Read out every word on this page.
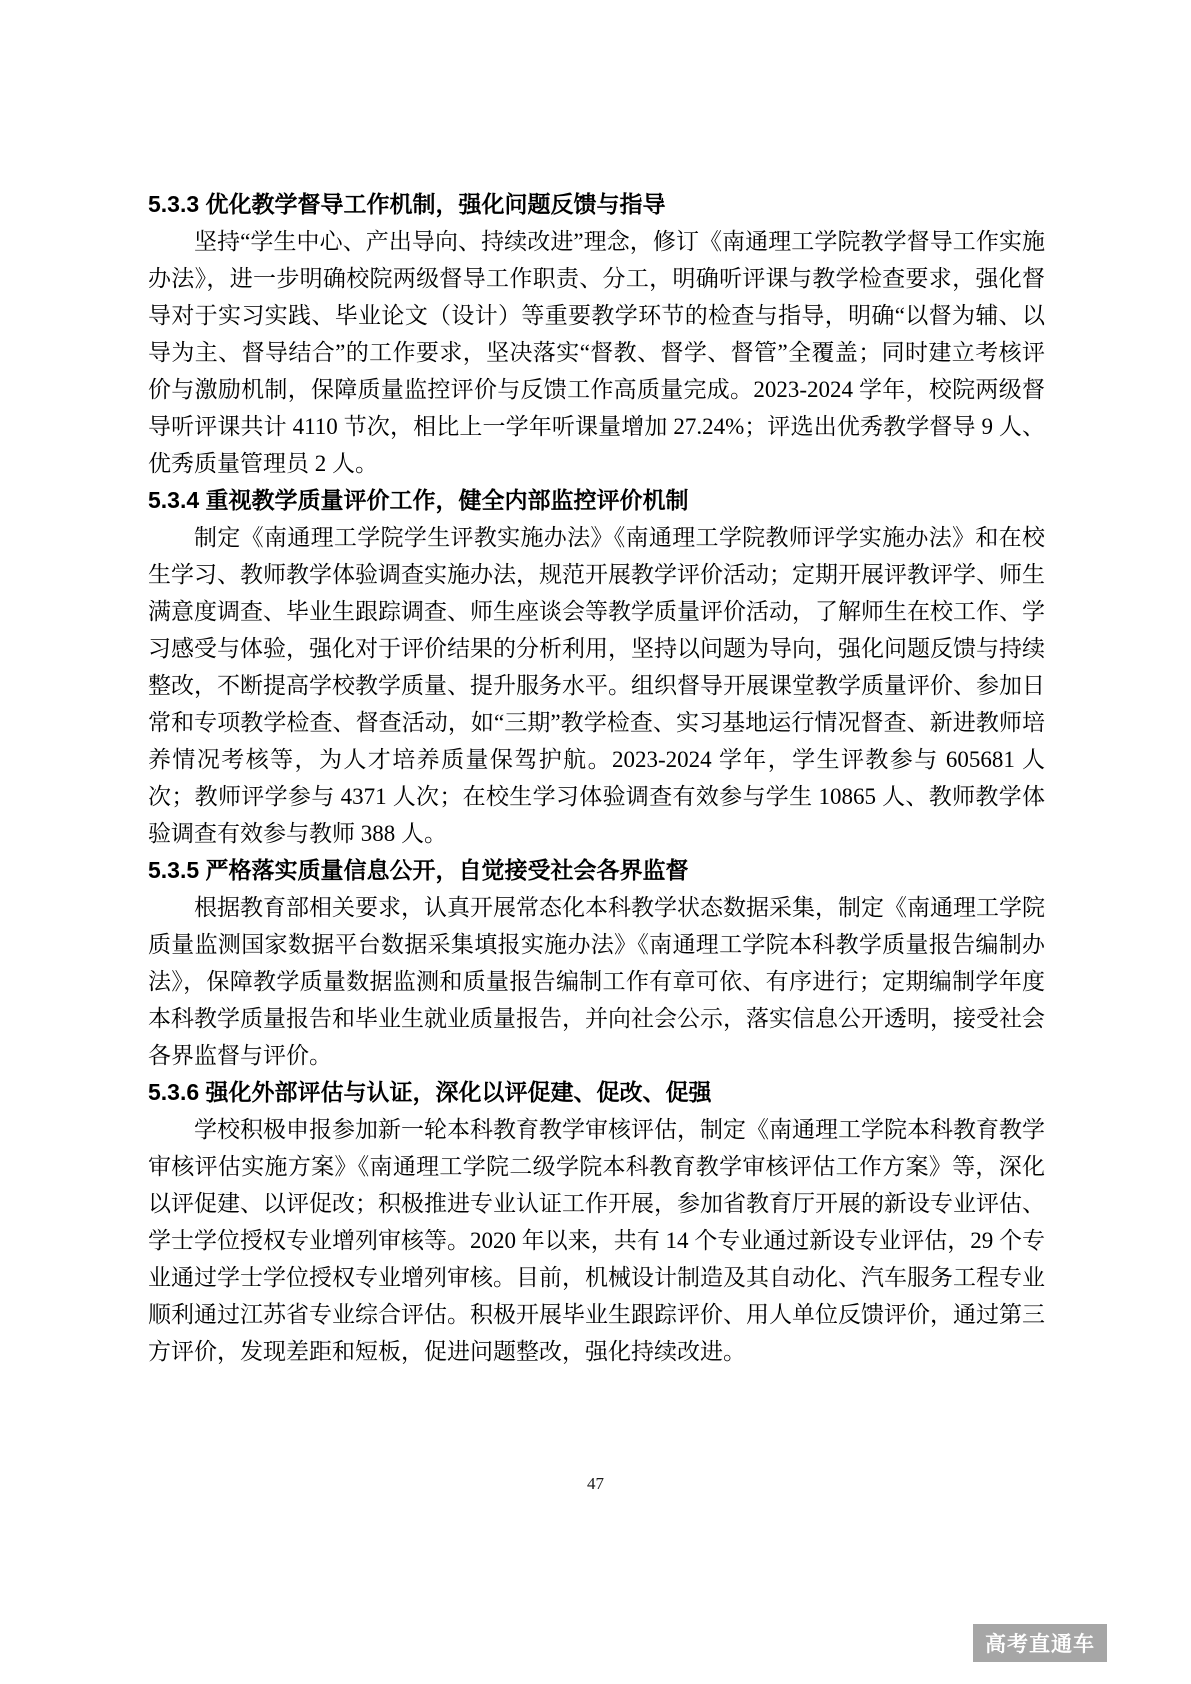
5.3.3 优化教学督导工作机制，强化问题反馈与指导

坚持“学生中心、产出导向、持续改进”理念，修订《南通理工学院教学督导工作实施办法》，进一步明确校院两级督导工作职责、分工，明确听评课与教学检查要求，强化督导对于实习实践、毕业论文（设计）等重要教学环节的检查与指导，明确“以督为辅、以导为主、督导结合”的工作要求，坚决落实“督教、督学、督管”全覆盖；同时建立考核评价与激励机制，保障质量监控评价与反馈工作高质量完成。2023-2024 学年，校院两级督导听评课共计 4110 节次，相比上一学年听课量增加 27.24%；评选出优秀教学督导 9 人、优秀质量管理员 2 人。

5.3.4 重视教学质量评价工作，健全内部监控评价机制

制定《南通理工学院学生评教实施办法》《南通理工学院教师评学实施办法》和在校生学习、教师教学体验调查实施办法，规范开展教学评价活动；定期开展评教评学、师生满意度调查、毕业生跟踪调查、师生座谈会等教学质量评价活动，了解师生在校工作、学习感受与体验，强化对于评价结果的分析利用，坚持以问题为导向，强化问题反馈与持续整改，不断提高学校教学质量、提升服务水平。组织督导开展课堂教学质量评价、参加日常和专项教学检查、督查活动，如“三期”教学检查、实习基地运行情况督查、新进教师培养情况考核等，为人才培养质量保驾护航。2023-2024 学年，学生评教参与 605681 人次；教师评学参与 4371 人次；在校生学习体验调查有效参与学生 10865 人、教师教学体验调查有效参与教师 388 人。

5.3.5 严格落实质量信息公开，自觉接受社会各界监督

根据教育部相关要求，认真开展常态化本科教学状态数据采集，制定《南通理工学院质量监测国家数据平台数据采集填报实施办法》《南通理工学院本科教学质量报告编制办法》，保障教学质量数据监测和质量报告编制工作有章可依、有序进行；定期编制学年度本科教学质量报告和毕业生就业质量报告，并向社会公示，落实信息公开透明，接受社会各界监督与评价。

5.3.6 强化外部评估与认证，深化以评促建、促改、促强

学校积极申报参加新一轮本科教育教学审核评估，制定《南通理工学院本科教育教学审核评估实施方案》《南通理工学院二级学院本科教育教学审核评估工作方案》等，深化以评促建、以评促改；积极推进专业认证工作开展，参加省教育厅开展的新设专业评估、学士学位授权专业增列审核等。2020 年以来，共有 14 个专业通过新设专业评估，29 个专业通过学士学位授权专业增列审核。目前，机械设计制造及其自动化、汽车服务工程专业顺利通过江苏省专业综合评估。积极开展毕业生跟踪评价、用人单位反馈评价，通过第三方评价，发现差距和短板，促进问题整改，强化持续改进。

47
高考直通车
